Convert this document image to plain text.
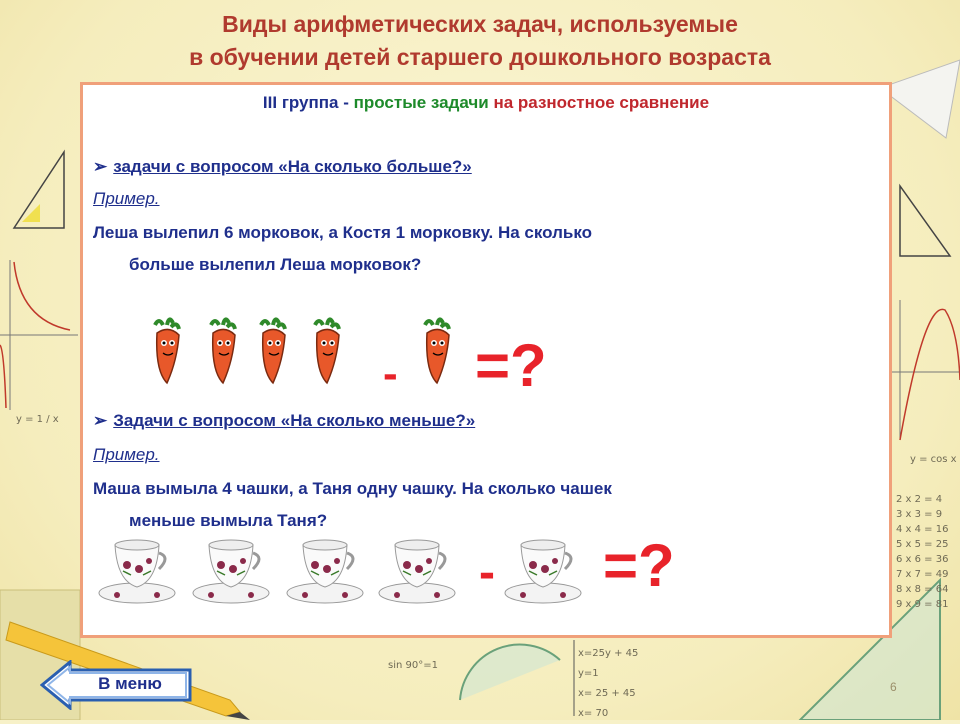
y = 1 / x
y = cos x
2 x 2 = 4
3 x 3 = 9
4 x 4 = 16
5 x 5 = 25
6 x 6 = 36
7 x 7 = 49
8 x 8 = 64
9 x 9 = 81
x=25y + 45
y=1
x= 25 + 45
x= 70
sin 90°=1
Виды арифметических задач, используемые
в обучении детей старшего дошкольного возраста
III группа - простые задачи на разностное сравнение
➢ задачи с вопросом «На сколько больше?»
Пример.
Леша вылепил 6 морковок, а Костя 1 морковку. На сколько
больше вылепил Леша морковок?
- =?
➢ Задачи с вопросом «На сколько меньше?»
Пример.
Маша вымыла 4 чашки, а Таня одну чашку. На сколько чашек
меньше вымыла Таня?
- =?
В меню	6
